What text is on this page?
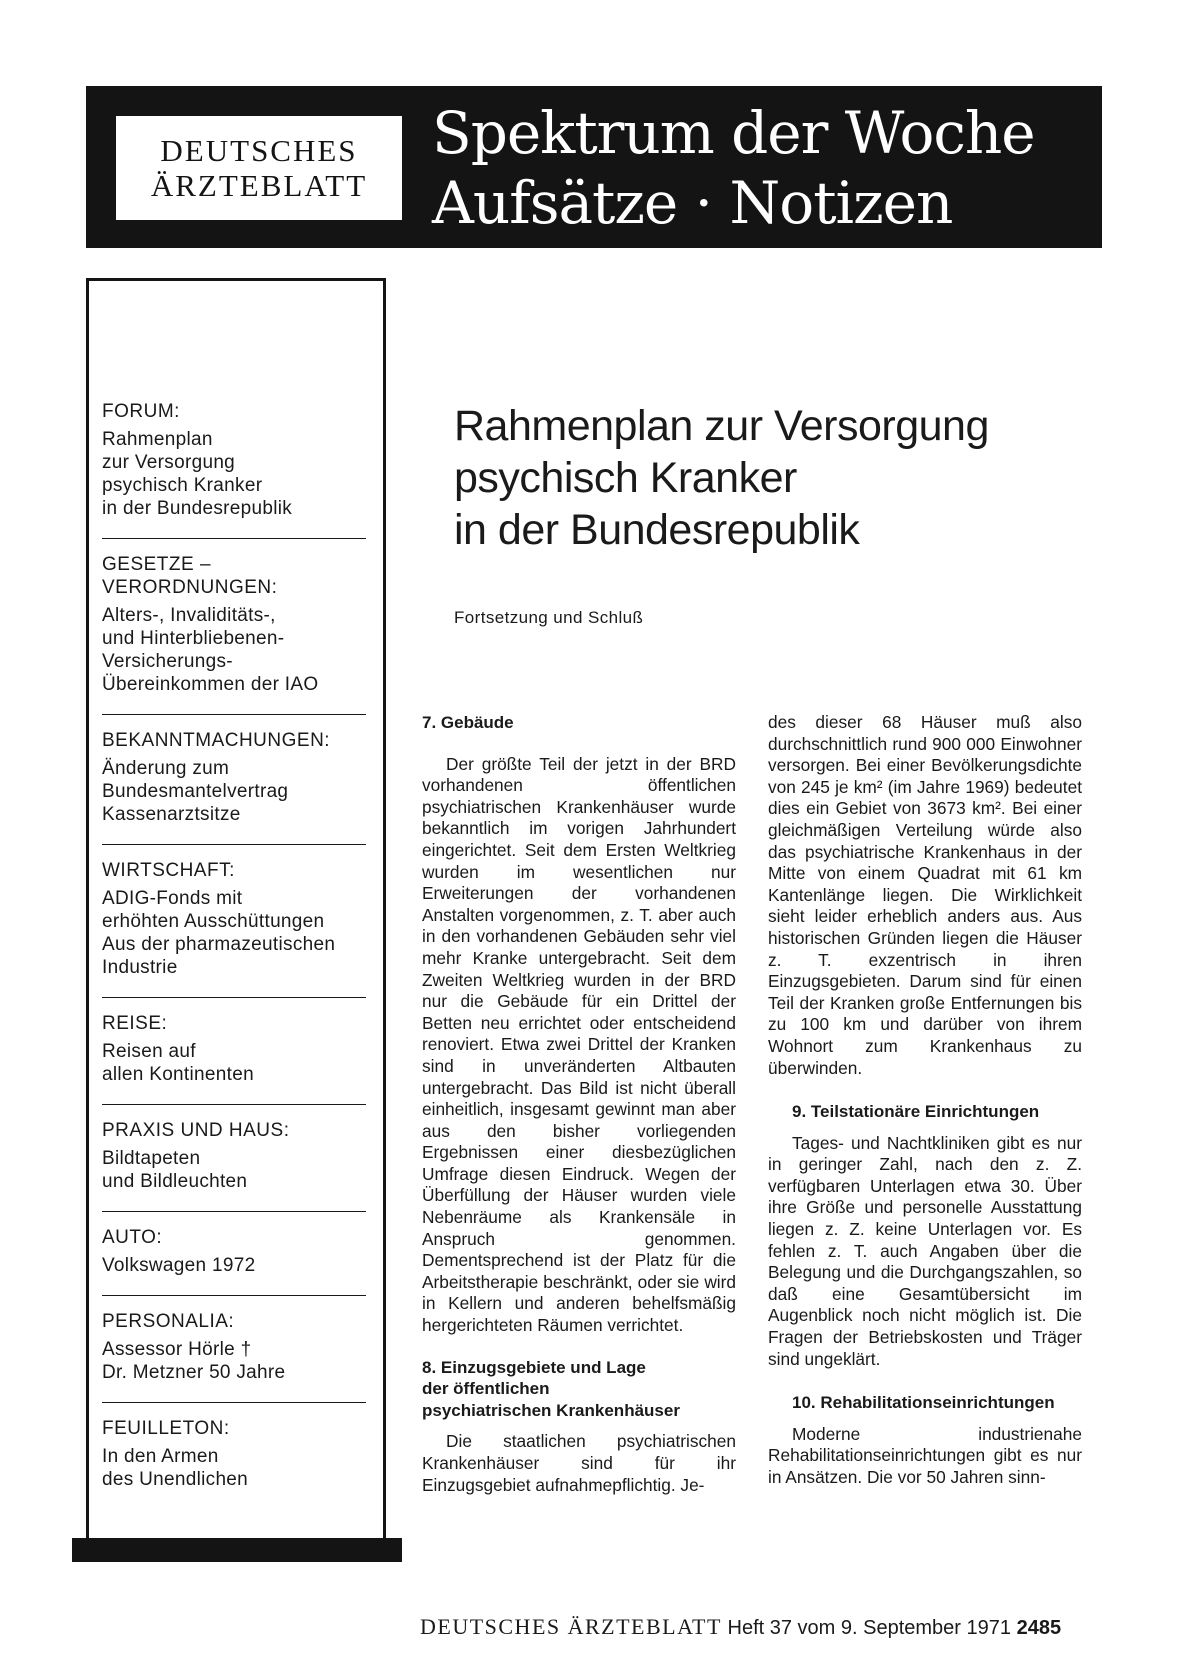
DEUTSCHES
ÄRZTEBLATT
Spektrum der Woche
Aufsätze · Notizen
FORUM:
Rahmenplan
zur Versorgung
psychisch Kranker
in der Bundesrepublik
GESETZE – VERORDNUNGEN:
Alters-, Invaliditäts-,
und Hinterbliebenen-
Versicherungs-
Übereinkommen der IAO
BEKANNTMACHUNGEN:
Änderung zum
Bundesmantelvertrag
Kassenarztsitze
WIRTSCHAFT:
ADIG-Fonds mit
erhöhten Ausschüttungen
Aus der pharmazeutischen
Industrie
REISE:
Reisen auf
allen Kontinenten
PRAXIS UND HAUS:
Bildtapeten
und Bildleuchten
AUTO:
Volkswagen 1972
PERSONALIA:
Assessor Hörle †
Dr. Metzner 50 Jahre
FEUILLETON:
In den Armen
des Unendlichen
Rahmenplan zur Versorgung
psychisch Kranker
in der Bundesrepublik
Fortsetzung und Schluß
7. Gebäude

Der größte Teil der jetzt in der BRD vorhandenen öffentlichen psychiatrischen Krankenhäuser wurde bekanntlich im vorigen Jahrhundert eingerichtet. Seit dem Ersten Weltkrieg wurden im wesentlichen nur Erweiterungen der vorhandenen Anstalten vorgenommen, z. T. aber auch in den vorhandenen Gebäuden sehr viel mehr Kranke untergebracht. Seit dem Zweiten Weltkrieg wurden in der BRD nur die Gebäude für ein Drittel der Betten neu errichtet oder entscheidend renoviert. Etwa zwei Drittel der Kranken sind in unveränderten Altbauten untergebracht. Das Bild ist nicht überall einheitlich, insgesamt gewinnt man aber aus den bisher vorliegenden Ergebnissen einer diesbezüglichen Umfrage diesen Eindruck. Wegen der Überfüllung der Häuser wurden viele Nebenräume als Krankensäle in Anspruch genommen. Dementsprechend ist der Platz für die Arbeitstherapie beschränkt, oder sie wird in Kellern und anderen behelfsmäßig hergerichteten Räumen verrichtet.

8. Einzugsgebiete und Lage
der öffentlichen
psychiatrischen Krankenhäuser

Die staatlichen psychiatrischen Krankenhäuser sind für ihr Einzugsgebiet aufnahmepflichtig. Je-

des dieser 68 Häuser muß also durchschnittlich rund 900 000 Einwohner versorgen. Bei einer Bevölkerungsdichte von 245 je km² (im Jahre 1969) bedeutet dies ein Gebiet von 3673 km². Bei einer gleichmäßigen Verteilung würde also das psychiatrische Krankenhaus in der Mitte von einem Quadrat mit 61 km Kantenlänge liegen. Die Wirklichkeit sieht leider erheblich anders aus. Aus historischen Gründen liegen die Häuser z. T. exzentrisch in ihren Einzugsgebieten. Darum sind für einen Teil der Kranken große Entfernungen bis zu 100 km und darüber von ihrem Wohnort zum Krankenhaus zu überwinden.

9. Teilstationäre Einrichtungen

Tages- und Nachtkliniken gibt es nur in geringer Zahl, nach den z. Z. verfügbaren Unterlagen etwa 30. Über ihre Größe und personelle Ausstattung liegen z. Z. keine Unterlagen vor. Es fehlen z. T. auch Angaben über die Belegung und die Durchgangszahlen, so daß eine Gesamtübersicht im Augenblick noch nicht möglich ist. Die Fragen der Betriebskosten und Träger sind ungeklärt.

10. Rehabilitationseinrichtungen

Moderne industrienahe Rehabilitationseinrichtungen gibt es nur in Ansätzen. Die vor 50 Jahren sinn-

DEUTSCHES ÄRZTEBLATT Heft 37 vom 9. September 1971 2485
